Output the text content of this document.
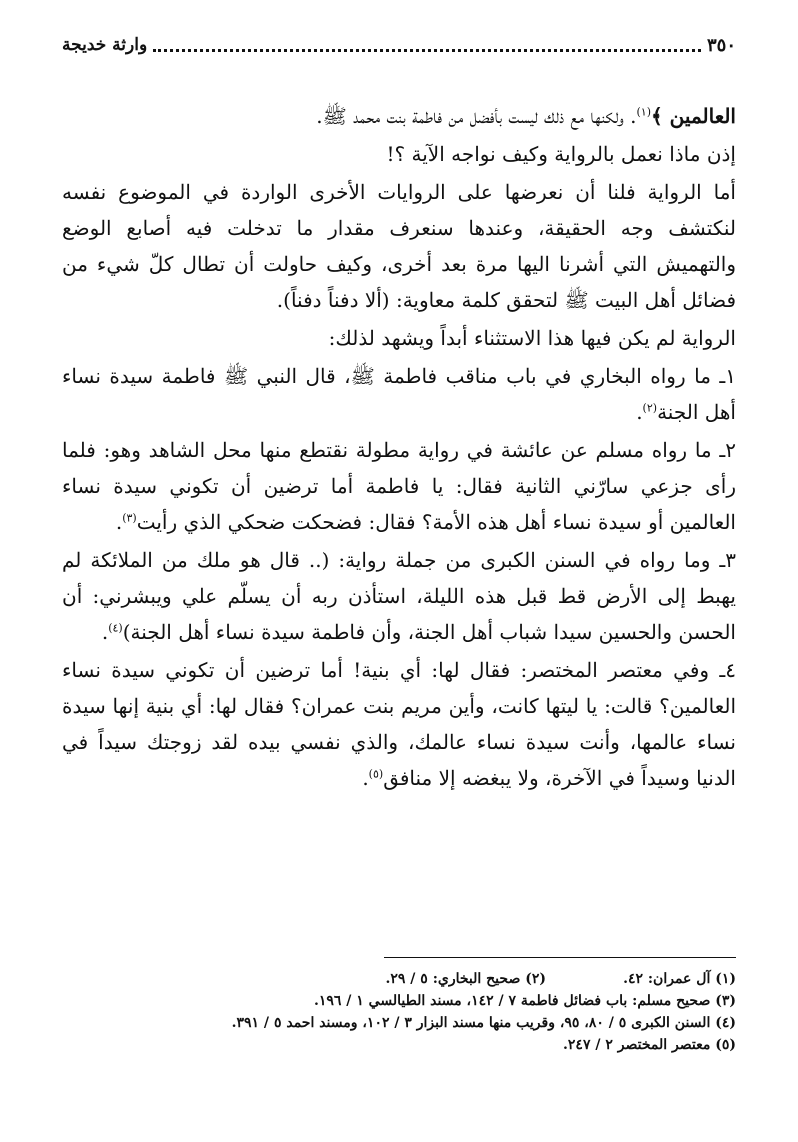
٣٥٠
وارثة خديجة

العالمين ﴾$^{(١)}$. ولكنها مع ذلك ليست بأفضل من فاطمة بنت محمد ﷺ.

إذن ماذا نعمل بالرواية وكيف نواجه الآية ؟!

أما الرواية فلنا أن نعرضها على الروايات الأخرى الواردة في الموضوع نفسه لنكتشف وجه الحقيقة، وعندها سنعرف مقدار ما تدخلت فيه أصابع الوضع والتهميش التي أشرنا اليها مرة بعد أخرى، وكيف حاولت أن تطال كلّ شيء من فضائل أهل البيت ﷺ لتحقق كلمة معاوية: (ألا دفناً دفناً).

الرواية لم يكن فيها هذا الاستثناء أبداً ويشهد لذلك:

١ـ ما رواه البخاري في باب مناقب فاطمة ﷺ، قال النبي ﷺ فاطمة سيدة نساء أهل الجنة$^{(٢)}$.

٢ـ ما رواه مسلم عن عائشة في رواية مطولة نقتطع منها محل الشاهد وهو: فلما رأى جزعي سارّني الثانية فقال: يا فاطمة أما ترضين أن تكوني سيدة نساء العالمين أو سيدة نساء أهل هذه الأمة؟ فقال: فضحكت ضحكي الذي رأيت$^{(٣)}$.

٣ـ وما رواه في السنن الكبرى من جملة رواية: (.. قال هو ملك من الملائكة لم يهبط إلى الأرض قط قبل هذه الليلة، استأذن ربه أن يسلّم علي ويبشرني: أن الحسن والحسين سيدا شباب أهل الجنة، وأن فاطمة سيدة نساء أهل الجنة)$^{(٤)}$.

٤ـ وفي معتصر المختصر: فقال لها: أي بنية! أما ترضين أن تكوني سيدة نساء العالمين؟ قالت: يا ليتها كانت، وأين مريم بنت عمران؟ فقال لها: أي بنية إنها سيدة نساء عالمها، وأنت سيدة نساء عالمك، والذي نفسي بيده لقد زوجتك سيداً في الدنيا وسيداً في الآخرة، ولا يبغضه إلا منافق$^{(٥)}$.

(١) آل عمران: ٤٢.
(٢) صحيح البخاري: ٥ / ٢٩.
(٣) صحيح مسلم: باب فضائل فاطمة ٧ / ١٤٢، مسند الطيالسي ١ / ١٩٦.
(٤) السنن الكبرى ٥ / ٨٠، ٩٥، وقريب منها مسند البزار ٣ / ١٠٢، ومسند احمد ٥ / ٣٩١.
(٥) معتصر المختصر ٢ / ٢٤٧.
